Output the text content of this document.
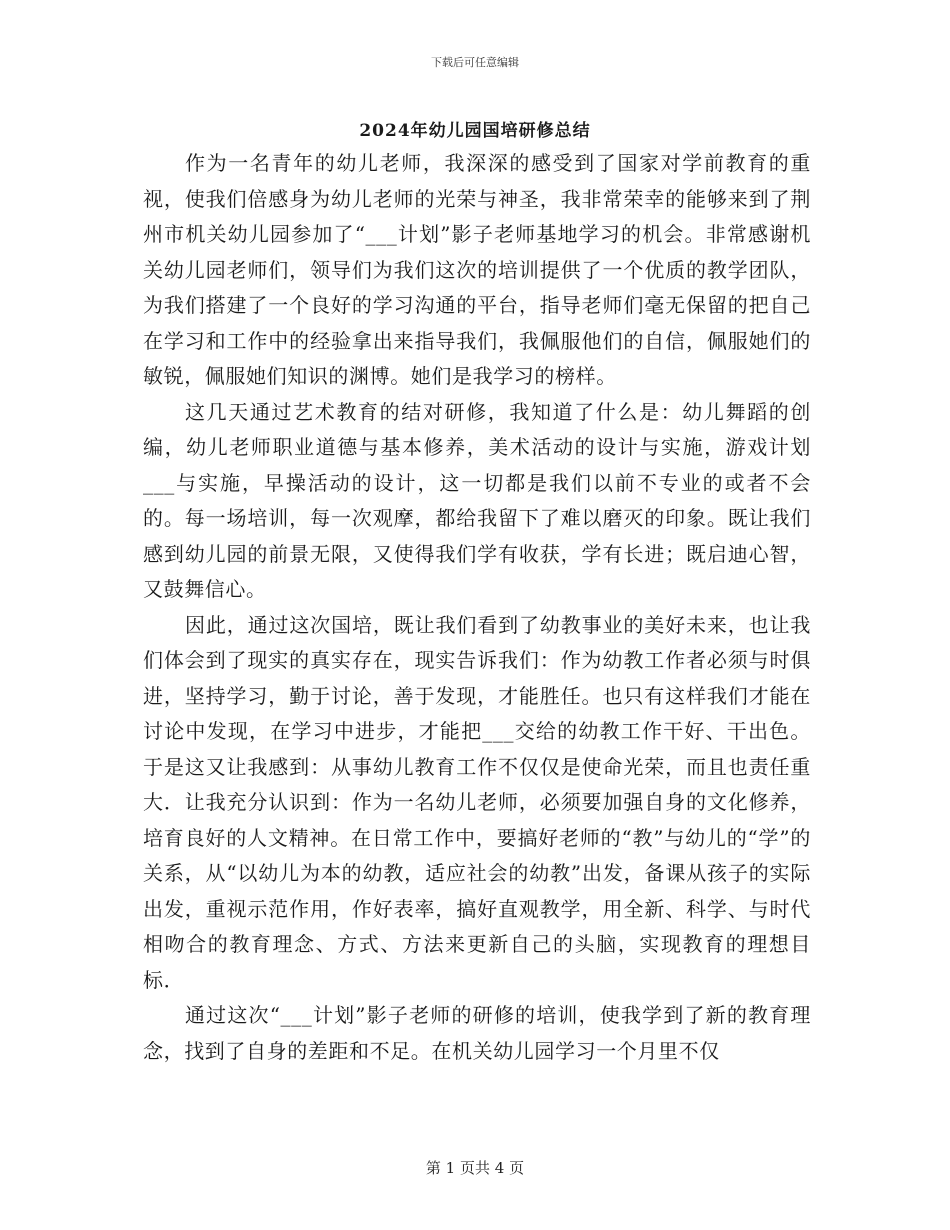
下载后可任意编辑
2024年幼儿园国培研修总结

作为一名青年的幼儿老师，我深深的感受到了国家对学前教育的重视，使我们倍感身为幼儿老师的光荣与神圣，我非常荣幸的能够来到了荆州市机关幼儿园参加了“___计划”影子老师基地学习的机会。非常感谢机关幼儿园老师们，领导们为我们这次的培训提供了一个优质的教学团队，为我们搭建了一个良好的学习沟通的平台，指导老师们毫无保留的把自己在学习和工作中的经验拿出来指导我们，我佩服他们的自信，佩服她们的敏锐，佩服她们知识的渊博。她们是我学习的榜样。

这几天通过艺术教育的结对研修，我知道了什么是：幼儿舞蹈的创编，幼儿老师职业道德与基本修养，美术活动的设计与实施，游戏计划___与实施，早操活动的设计，这一切都是我们以前不专业的或者不会的。每一场培训，每一次观摩，都给我留下了难以磨灭的印象。既让我们感到幼儿园的前景无限，又使得我们学有收获，学有长进；既启迪心智，又鼓舞信心。

因此，通过这次国培，既让我们看到了幼教事业的美好未来，也让我们体会到了现实的真实存在，现实告诉我们：作为幼教工作者必须与时俱进，坚持学习，勤于讨论，善于发现，才能胜任。也只有这样我们才能在讨论中发现，在学习中进步，才能把___交给的幼教工作干好、干出色。于是这又让我感到：从事幼儿教育工作不仅仅是使命光荣，而且也责任重大．让我充分认识到：作为一名幼儿老师，必须要加强自身的文化修养，培育良好的人文精神。在日常工作中，要搞好老师的“教”与幼儿的“学”的关系，从“以幼儿为本的幼教，适应社会的幼教”出发，备课从孩子的实际出发，重视示范作用，作好表率，搞好直观教学，用全新、科学、与时代相吻合的教育理念、方式、方法来更新自己的头脑，实现教育的理想目标．

通过这次“___计划”影子老师的研修的培训，使我学到了新的教育理念，找到了自身的差距和不足。在机关幼儿园学习一个月里不仅

第 1 页共 4 页
